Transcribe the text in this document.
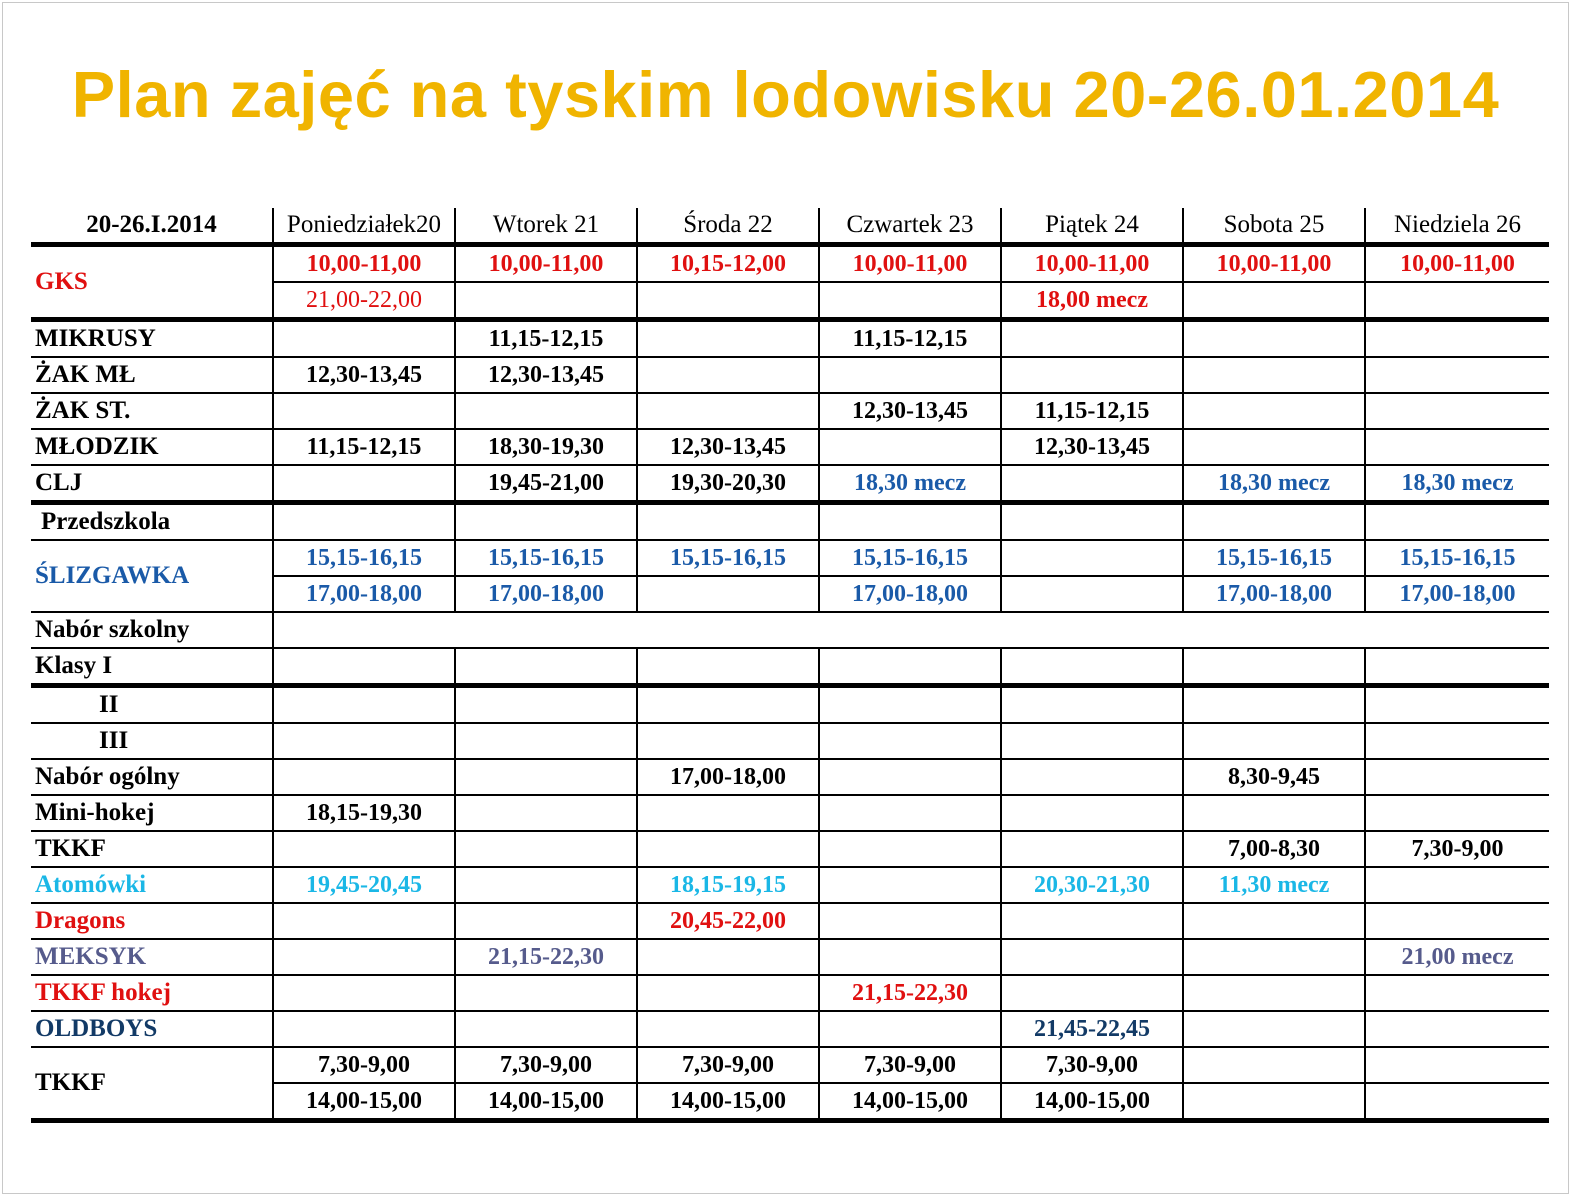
Plan zajęć na tyskim lodowisku 20-26.01.2014
20-26.I.2014	Poniedziałek20	Wtorek 21	Środa 22	Czwartek 23	Piątek 24	Sobota 25	Niedziela 26
GKS	10,00-11,00	10,00-11,00	10,15-12,00	10,00-11,00	10,00-11,00	10,00-11,00	10,00-11,00
	21,00-22,00				18,00 mecz		
MIKRUSY		11,15-12,15		11,15-12,15			
ŻAK MŁ	12,30-13,45	12,30-13,45					
ŻAK ST.				12,30-13,45	11,15-12,15		
MŁODZIK	11,15-12,15	18,30-19,30	12,30-13,45		12,30-13,45		
CLJ		19,45-21,00	19,30-20,30	18,30 mecz		18,30 mecz	18,30 mecz
Przedszkola							
ŚLIZGAWKA	15,15-16,15	15,15-16,15	15,15-16,15	15,15-16,15		15,15-16,15	15,15-16,15
	17,00-18,00	17,00-18,00		17,00-18,00		17,00-18,00	17,00-18,00
Nabór szkolny							
Klasy I							
II							
III							
Nabór ogólny			17,00-18,00			8,30-9,45	
Mini-hokej	18,15-19,30						
TKKF						7,00-8,30	7,30-9,00
Atomówki	19,45-20,45		18,15-19,15		20,30-21,30	11,30 mecz	
Dragons			20,45-22,00				
MEKSYK		21,15-22,30					21,00 mecz
TKKF hokej				21,15-22,30			
OLDBOYS					21,45-22,45		
TKKF	7,30-9,00	7,30-9,00	7,30-9,00	7,30-9,00	7,30-9,00		
	14,00-15,00	14,00-15,00	14,00-15,00	14,00-15,00	14,00-15,00		
